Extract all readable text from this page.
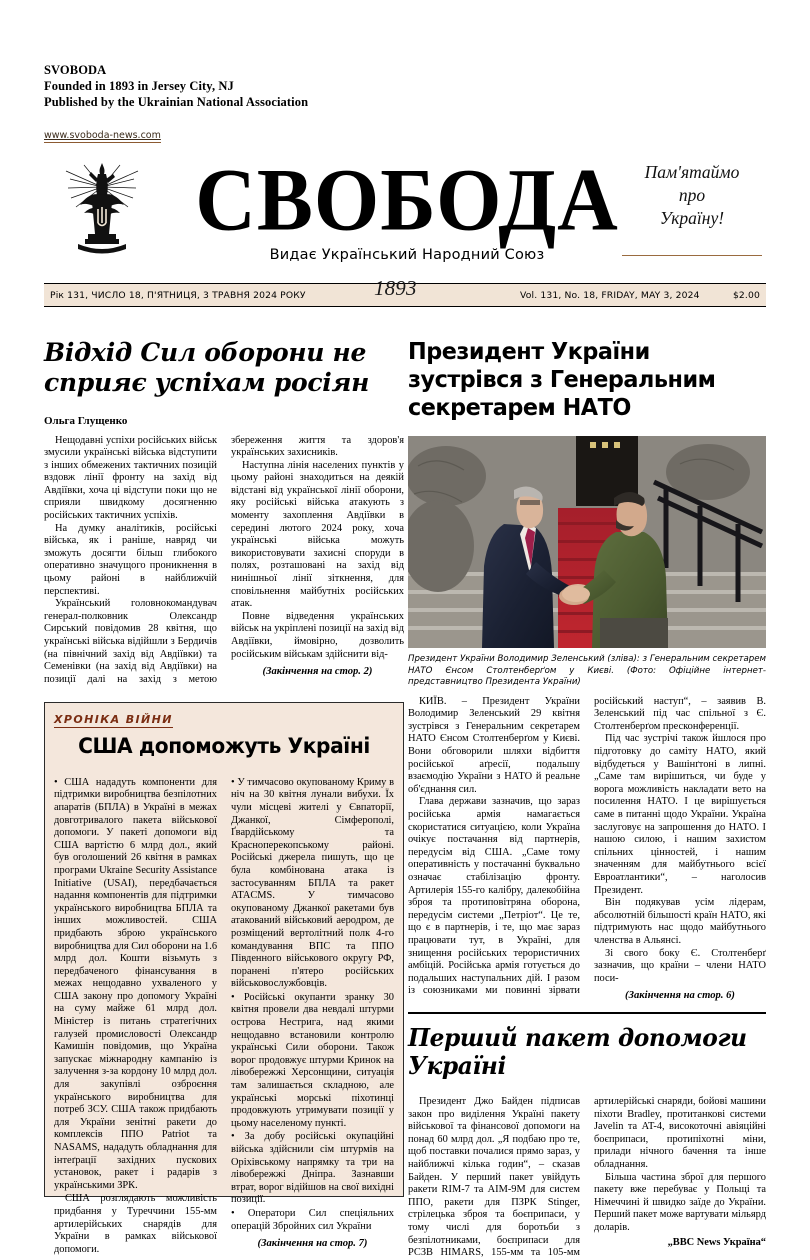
SVOBODA
Founded in 1893 in Jersey City, NJ
Published by the Ukrainian National Association
www.svoboda-news.com
СВОБОДА
Видає Український Народний Союз
Пам'ятаймо
про
Україну!
Рік 131, ЧИСЛО 18, П'ЯТНИЦЯ, 3 ТРАВНЯ 2024 РОКУ	1893	Vol. 131, No. 18, FRIDAY, MAY 3, 2024	$2.00
Відхід Сил оборони не сприяє успіхам росіян
Ольга Глущенко

Нещодавні успіхи російських військ змусили українські війська відступити з інших обмежених тактичних позицій вздовж лінії фронту на захід від Авдіївки, хоча ці відступи поки що не сприяли швидкому досягненню російських тактичних успіхів.

На думку аналітиків, російські війська, як і раніше, навряд чи зможуть досягти більш глибокого оперативно значущого проникнення в цьому районі в найближчій перспективі.

Український головнокомандувач генерал-полковник Олександр Сирський повідомив 28 квітня, що українські війська відійшли з Бердичів (на північний захід від Авдіївки) та Семенівки (на захід від Авдіївки) на позиції далі на захід з метою збереження життя та здоров'я українських захисників.

Наступна лінія населених пунктів у цьому районі знаходиться на деякій відстані від української лінії оборони, яку російські війська атакують з моменту захоплення Авдіївки в середині лютого 2024 року, хоча українські війська можуть використовувати захисні споруди в полях, розташовані на захід від нинішньої лінії зіткнення, для сповільнення майбутніх російських атак.

Повне відведення українських військ на укріплені позиції на захід від Авдіївки, ймовірно, дозволить російським військам здійснити від-

(Закінчення на стор. 2)

ХРОНІКА ВІЙНИ
США допоможуть Україні

• США нададуть компоненти для підтримки виробництва безпілотних апаратів (БПЛА) в Україні в межах довготривалого пакета військової допомоги. У пакеті допомоги від США вартістю 6 млрд дол., який був оголошений 26 квітня в рамках програми Ukraine Security Assistance Initiative (USAI), передбачається надання компонентів для підтримки українського виробництва БПЛА та інших можливостей. США придбають зброю українського виробництва для Сил оборони на 1.6 млрд дол. Кошти візьмуть з передбаченого фінансування в межах нещодавно ухваленого у США закону про допомогу Україні на суму майже 61 млрд дол. Міністер із питань стратегічних галузей промисловості Олександр Камишін повідомив, що Україна запускає міжнародну кампанію із залучення з-за кордону 10 млрд дол. для закупівлі озброєння українського виробництва для потреб ЗСУ. США також придбають для України зенітні ракети до комплексів ППО Patriot та NASAMS, нададуть обладнання для інтеґрації західних пускових установок, ракет і радарів з українськими ЗРК.

США розглядають можливість придбання у Туреччини 155-мм артилерійських снарядів для України в рамках військової допомоги.

• У тимчасово окупованому Криму в ніч на 30 квітня лунали вибухи. Їх чули місцеві жителі у Євпаторії, Джанкої, Сімферополі, Ґвардійському та Красноперекопському районі. Російські джерела пишуть, що це була комбінована атака із застосуванням БПЛА та ракет ATACMS. У тимчасово окупованому Джанкої ракетами був атакований військовий аеродром, де розміщений вертолітний полк 4-го командування ВПС та ППО Південного військового округу РФ, поранені п'ятеро російських військовослужбовців.

• Російські окупанти зранку 30 квітня провели два невдалі штурми острова Нестрига, над якими нещодавно встановили контролю українські Сили оборони. Також ворог продовжує штурми Кринок на лівобережжі Херсонщини, ситуація там залишається складною, але українські морські піхотинці продовжують утримувати позиції у цьому населеному пункті.

• За добу російські окупаційні війська здійснили сім штурмів на Оріхівському напрямку та три на лівобережжі Дніпра. Зазнавши втрат, ворог відійшов на свої вихідні позиції.

• Оператори Сил спеціяльних операцій Збройних сил України

(Закінчення на стор. 7)

Президент України зустрівся з Генеральним секретарем НАТО
Президент України Володимир Зеленський (зліва): з Генеральним секретарем НАТО Єнсом Столтенберґом у Києві. (Фото: Офіційне інтернет-представництво Президента України)

КИЇВ. – Президент України Володимир Зеленський 29 квітня зустрівся з Генеральним секретарем НАТО Єнсом Столтенберґом у Києві. Вони обговорили шляхи відбиття російської аґресії, подальшу взаємодію України з НАТО й реальне об'єднання сил.

Глава держави зазначив, що зараз російська армія намагається скористатися ситуацією, коли Україна очікує постачання від партнерів, передусім від США. „Саме тому оперативність у постачанні буквально означає стабілізацію фронту. Артилерія 155-го калібру, далекобійна зброя та протиповітряна оборона, передусім системи „Петріот“. Це те, що є в партнерів, і те, що має зараз працювати тут, в Україні, для знищення російських терористичних амбіцій. Російська армія готується до подальших наступальних дій. І разом із союзниками ми повинні зірвати російський наступ“, – заявив В. Зеленський під час спільної з Є. Столтенберґом пресконференції.

Під час зустрічі також йшлося про підготовку до саміту НАТО, який відбудеться у Вашінґтоні в липні. „Саме там вирішиться, чи буде у ворога можливість накладати вето на посилення НАТО. І це вирішується саме в питанні щодо України. Україна заслуговує на запрошення до НАТО. І нашою силою, і нашим захистом спільних цінностей, і нашим значенням для майбутнього всієї Евроатлантики“, – наголосив Президент.

Він подякував усім лідерам, абсолютній більшості країн НАТО, які підтримують нас щодо майбутнього членства в Альянсі.

Зі свого боку Є. Столтенберґ зазначив, що країни – члени НАТО поси-

(Закінчення на стор. 6)

Перший пакет допомоги Україні

Президент Джо Байден підписав закон про виділення Україні пакету військової та фінансової допомоги на понад 60 млрд дол. „Я подбаю про те, щоб поставки почалися прямо зараз, у найближчі кілька годин“, – сказав Байден. У перший пакет увійдуть ракети RIM-7 та AIM-9M для систем ППО, ракети для ПЗРК Stinger, стрілецька зброя та боєприпаси, у тому числі для боротьби з безпілотниками, боєприпаси для РСЗВ HIMARS, 155-мм та 105-мм артилерійські снаряди, бойові машини піхоти Bradley, протитанкові системи Javelin та AT-4, високоточні авіяційні боєприпаси, протипіхотні міни, прилади нічного бачення та інше обладнання.

Більша частина зброї для першого пакету вже перебуває у Польщі та Німеччині й швидко заїде до України. Перший пакет може вартувати мільярд доларів.

„BBC News Україна“
